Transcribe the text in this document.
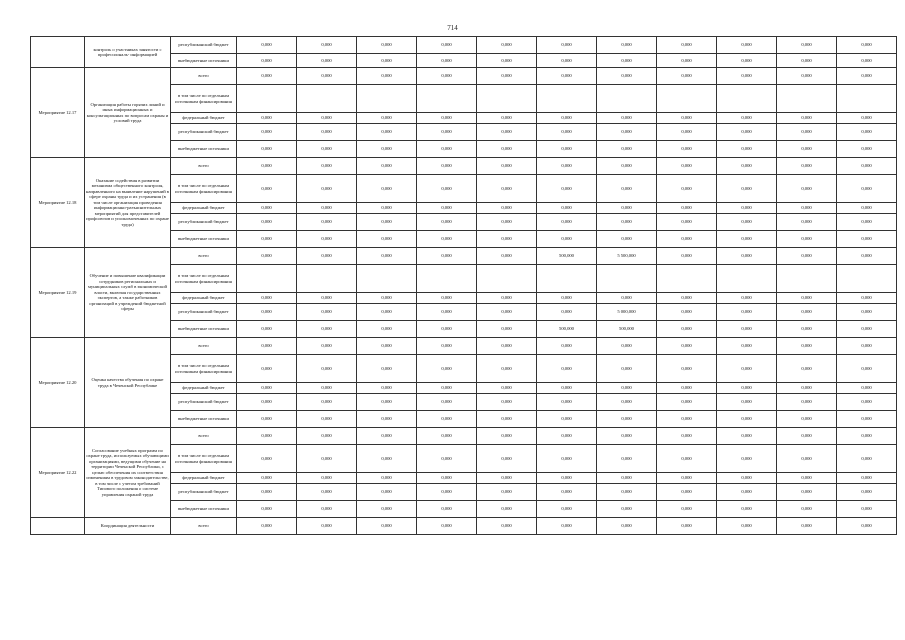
714
	контроль о участниках занятости с профессиональ- информацией	республиканский бюджет	0,000	0,000	0,000	0,000	0,000	0,000	0,000	0,000	0,000	0,000	0,000
		внебюджетные источники	0,000	0,000	0,000	0,000	0,000	0,000	0,000	0,000	0,000	0,000	0,000
Мероприятие 12.17	Организация работы горячих линий и иных информационных и консультационных по вопросам охраны и условий труда	всего	0,000	0,000	0,000	0,000	0,000	0,000	0,000	0,000	0,000	0,000	0,000
		в том числе по отдельным источникам финансирования											
		федеральный бюджет	0,000	0,000	0,000	0,000	0,000	0,000	0,000	0,000	0,000	0,000	0,000
		республиканский бюджет	0,000	0,000	0,000	0,000	0,000	0,000	0,000	0,000	0,000	0,000	0,000
		внебюджетные источники	0,000	0,000	0,000	0,000	0,000	0,000	0,000	0,000	0,000	0,000	0,000
Мероприятие 12.18	Оказание содействия в развитии механизма общественного контроля, направленного на выявление нарушений в сфере охраны труда и их устранения (в том числе организация проведения информационно-разъяснительных мероприятий для представителей профсоюзов и уполномоченных по охране труда)	всего	0,000	0,000	0,000	0,000	0,000	0,000	0,000	0,000	0,000	0,000	0,000
		в том числе по отдельным источникам финансирования	0,000	0,000	0,000	0,000	0,000	0,000	0,000	0,000	0,000	0,000	0,000
		федеральный бюджет	0,000	0,000	0,000	0,000	0,000	0,000	0,000	0,000	0,000	0,000	0,000
		республиканский бюджет	0,000	0,000	0,000	0,000	0,000	0,000	0,000	0,000	0,000	0,000	0,000
		внебюджетные источники	0,000	0,000	0,000	0,000	0,000	0,000	0,000	0,000	0,000	0,000	0,000
Мероприятие 12.19	Обучение и повышение квалификации сотрудников региональных и муниципальных служб в экономической власти, включая государственных экспертов, а также работников организаций в учреждений бюджетной сферы	всего	0,000	0,000	0,000	0,000	0,000	500,000	5 500,000	0,000	0,000	0,000	0,000
		в том числе по отдельным источникам финансирования											
		федеральный бюджет	0,000	0,000	0,000	0,000	0,000	0,000	0,000	0,000	0,000	0,000	0,000
		республиканский бюджет	0,000	0,000	0,000	0,000	0,000	0,000	5 000,000	0,000	0,000	0,000	0,000
		внебюджетные источники	0,000	0,000	0,000	0,000	0,000	500,000	500,000	0,000	0,000	0,000	0,000
Мероприятие 12.20	Оценка качества обучения по охране труда в Чеченской Республике	всего	0,000	0,000	0,000	0,000	0,000	0,000	0,000	0,000	0,000	0,000	0,000
		в том числе по отдельным источникам финансирования	0,000	0,000	0,000	0,000	0,000	0,000	0,000	0,000	0,000	0,000	0,000
		федеральный бюджет	0,000	0,000	0,000	0,000	0,000	0,000	0,000	0,000	0,000	0,000	0,000
		республиканский бюджет	0,000	0,000	0,000	0,000	0,000	0,000	0,000	0,000	0,000	0,000	0,000
		внебюджетные источники	0,000	0,000	0,000	0,000	0,000	0,000	0,000	0,000	0,000	0,000	0,000
Мероприятие 12.22	Согласование учебных программ по охране труда, используемых обучающими организациями, ведущими обучение на территории Чеченской Республики, с целью обеспечения их соответствия изменениям в трудовом законодательстве, в том числе с учетом требований Типового положения о системе управления охраной труда	всего	0,000	0,000	0,000	0,000	0,000	0,000	0,000	0,000	0,000	0,000	0,000
		в том числе по отдельным источникам финансирования	0,000	0,000	0,000	0,000	0,000	0,000	0,000	0,000	0,000	0,000	0,000
		федеральный бюджет	0,000	0,000	0,000	0,000	0,000	0,000	0,000	0,000	0,000	0,000	0,000
		республиканский бюджет	0,000	0,000	0,000	0,000	0,000	0,000	0,000	0,000	0,000	0,000	0,000
		внебюджетные источники	0,000	0,000	0,000	0,000	0,000	0,000	0,000	0,000	0,000	0,000	0,000
	Координация деятельности	всего	0,000	0,000	0,000	0,000	0,000	0,000	0,000	0,000	0,000	0,000	0,000
